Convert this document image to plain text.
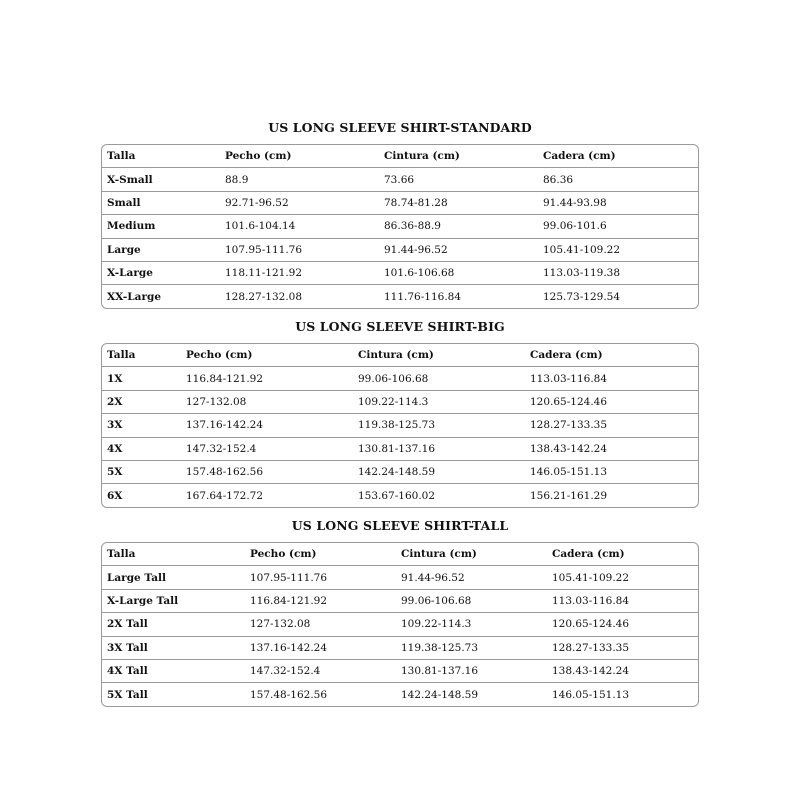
US LONG SLEEVE SHIRT-STANDARD
Talla	Pecho (cm)	Cintura (cm)	Cadera (cm)
X-Small	88.9	73.66	86.36
Small	92.71-96.52	78.74-81.28	91.44-93.98
Medium	101.6-104.14	86.36-88.9	99.06-101.6
Large	107.95-111.76	91.44-96.52	105.41-109.22
X-Large	118.11-121.92	101.6-106.68	113.03-119.38
XX-Large	128.27-132.08	111.76-116.84	125.73-129.54
US LONG SLEEVE SHIRT-BIG
Talla	Pecho (cm)	Cintura (cm)	Cadera (cm)
1X	116.84-121.92	99.06-106.68	113.03-116.84
2X	127-132.08	109.22-114.3	120.65-124.46
3X	137.16-142.24	119.38-125.73	128.27-133.35
4X	147.32-152.4	130.81-137.16	138.43-142.24
5X	157.48-162.56	142.24-148.59	146.05-151.13
6X	167.64-172.72	153.67-160.02	156.21-161.29
US LONG SLEEVE SHIRT-TALL
Talla	Pecho (cm)	Cintura (cm)	Cadera (cm)
Large Tall	107.95-111.76	91.44-96.52	105.41-109.22
X-Large Tall	116.84-121.92	99.06-106.68	113.03-116.84
2X Tall	127-132.08	109.22-114.3	120.65-124.46
3X Tall	137.16-142.24	119.38-125.73	128.27-133.35
4X Tall	147.32-152.4	130.81-137.16	138.43-142.24
5X Tall	157.48-162.56	142.24-148.59	146.05-151.13
